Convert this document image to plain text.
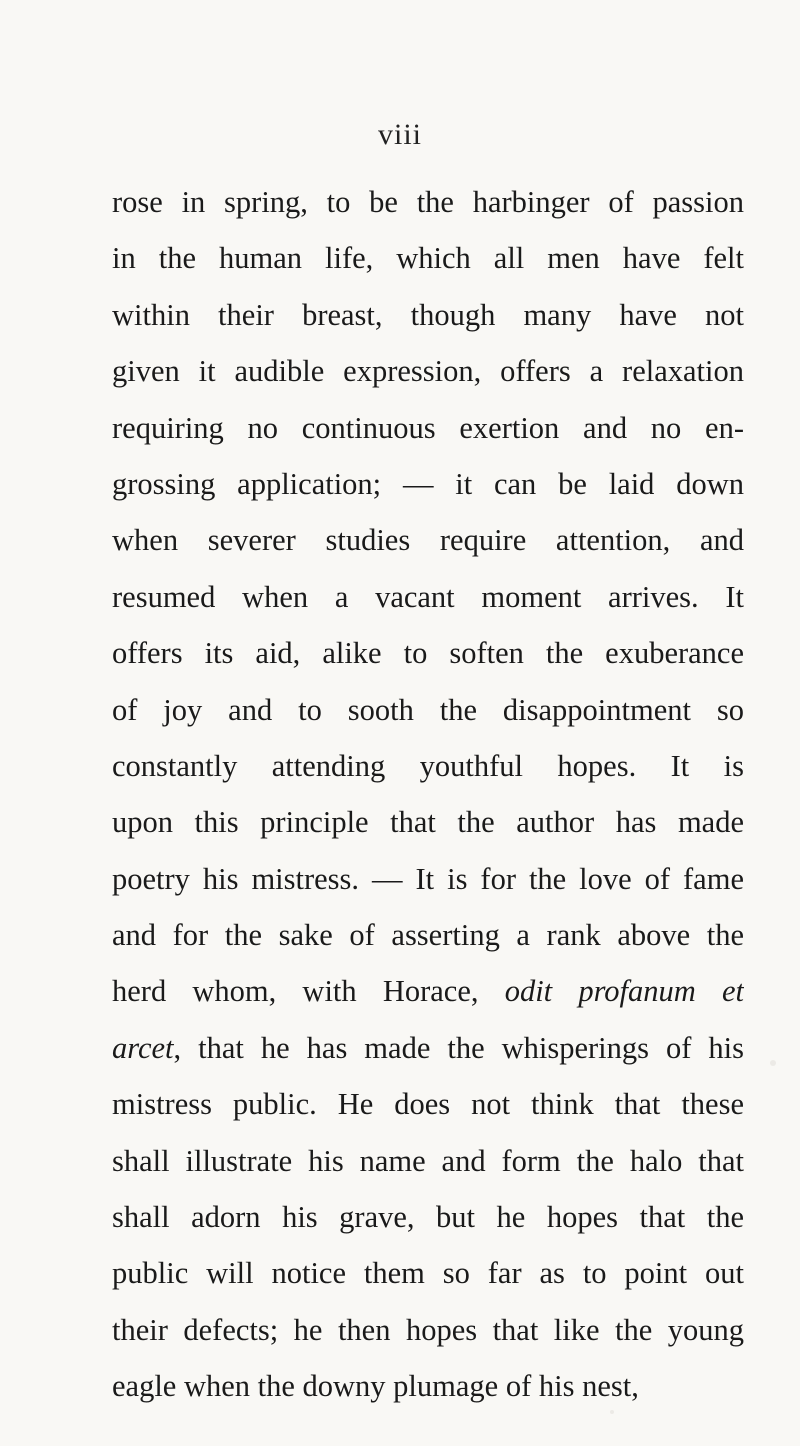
viii
rose in spring, to be the harbinger of passion
in the human life, which all men have felt
within their breast, though many have not
given it audible expression, offers a relaxation
requiring no continuous exertion and no en-
grossing application; — it can be laid down
when severer studies require attention, and
resumed when a vacant moment arrives. It
offers its aid, alike to soften the exuberance
of joy and to sooth the disappointment so
constantly attending youthful hopes. It is
upon this principle that the author has made
poetry his mistress. — It is for the love of fame
and for the sake of asserting a rank above the
herd whom, with Horace, odit profanum et
arcet, that he has made the whisperings of his
mistress public. He does not think that these
shall illustrate his name and form the halo that
shall adorn his grave, but he hopes that the
public will notice them so far as to point out
their defects; he then hopes that like the young
eagle when the downy plumage of his nest,
